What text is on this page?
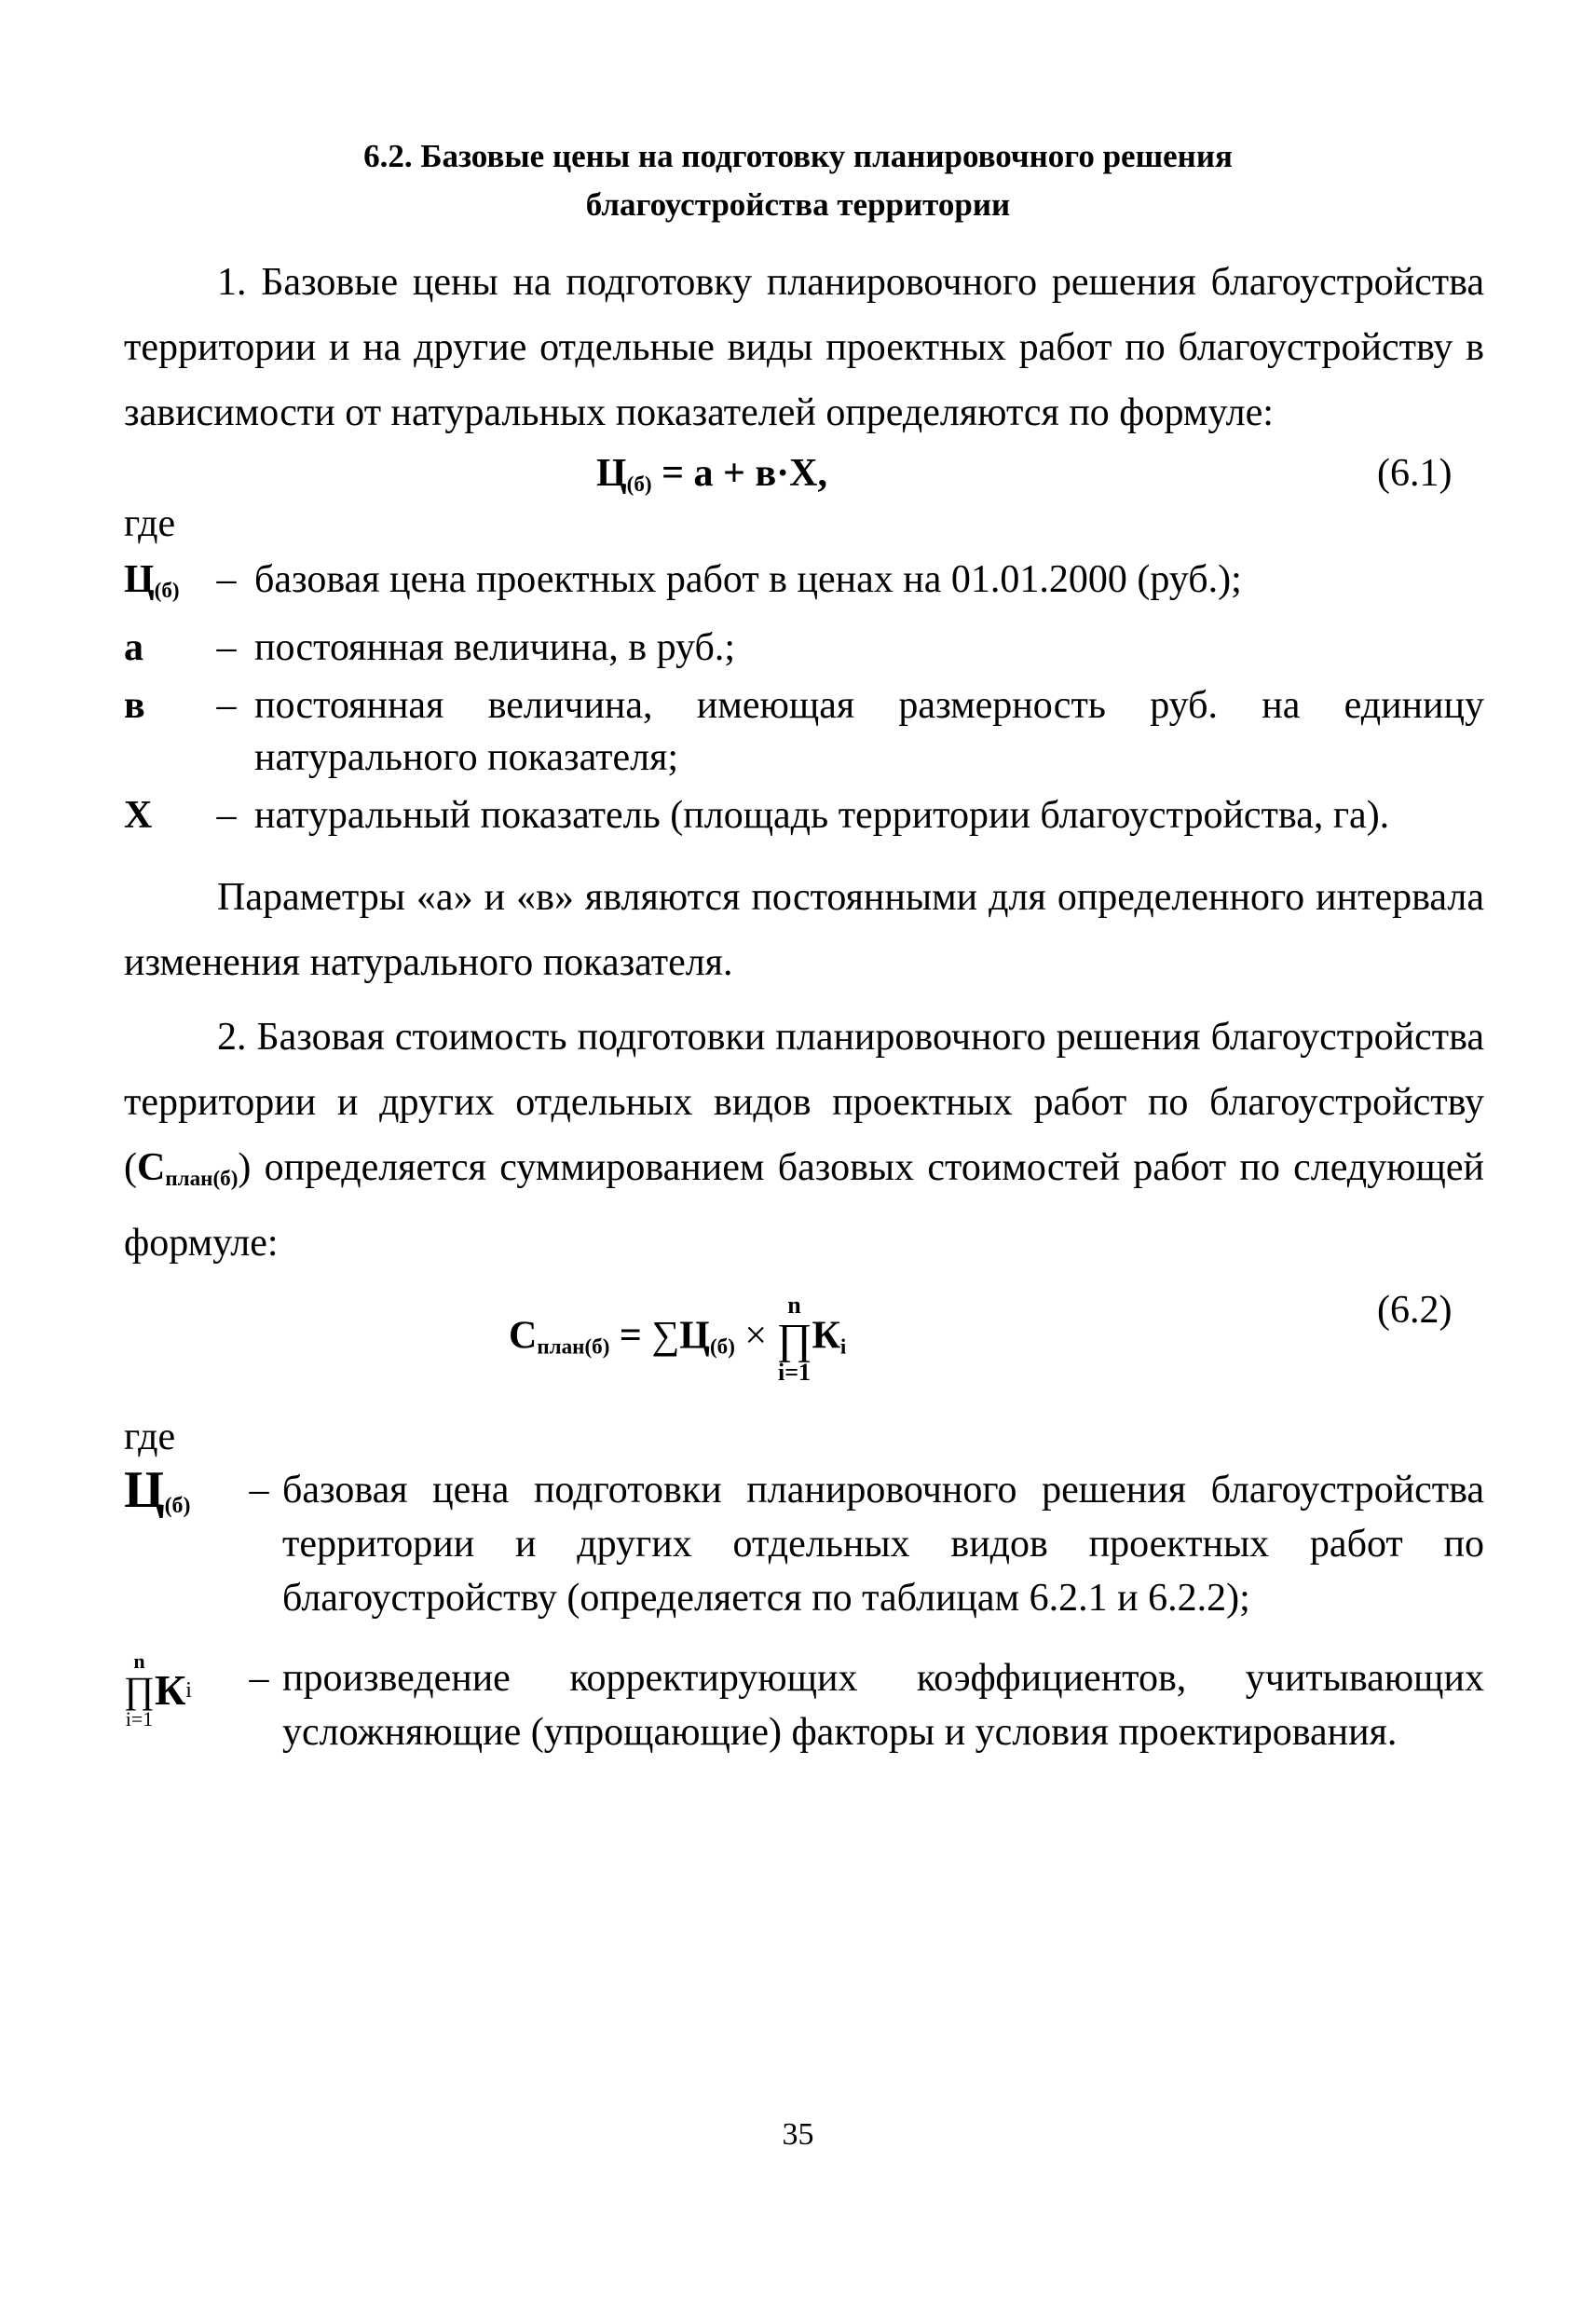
6.2. Базовые цены на подготовку планировочного решения
благоустройства территории
1. Базовые цены на подготовку планировочного решения благоустройства территории и на другие отдельные виды проектных работ по благоустройству в зависимости от натуральных показателей определяются по формуле:
$Ц_{(б)} = а + в\cdot Х$,	(6.1)
где
$Ц_{(б)}$ – базовая цена проектных работ в ценах на 01.01.2000 (руб.);
а	– постоянная величина, в руб.;
в	– постоянная величина, имеющая размерность руб. на единицу натурального показателя;
Х	– натуральный показатель (площадь территории благоустройства, га).
Параметры «а» и «в» являются постоянными для определенного интервала изменения натурального показателя.
2. Базовая стоимость подготовки планировочного решения благоустройства территории и других отдельных видов проектных работ по благоустройству $(С_{план(б)})$ определяется суммированием базовых стоимостей работ по следующей формуле:
$С_{план(б)} = \sum Ц_{(б)}$ ×
n
∏
i=1
$К_i$
(6.2)
где
$Ц_{(б)}$	– базовая цена подготовки планировочного решения благоустройства территории и других отдельных видов проектных работ по благоустройству (определяется по таблицам 6.2.1 и 6.2.2);
n
∏
i=1
К i	– произведение корректирующих коэффициентов, учитывающих усложняющие (упрощающие) факторы и условия проектирования.
35
